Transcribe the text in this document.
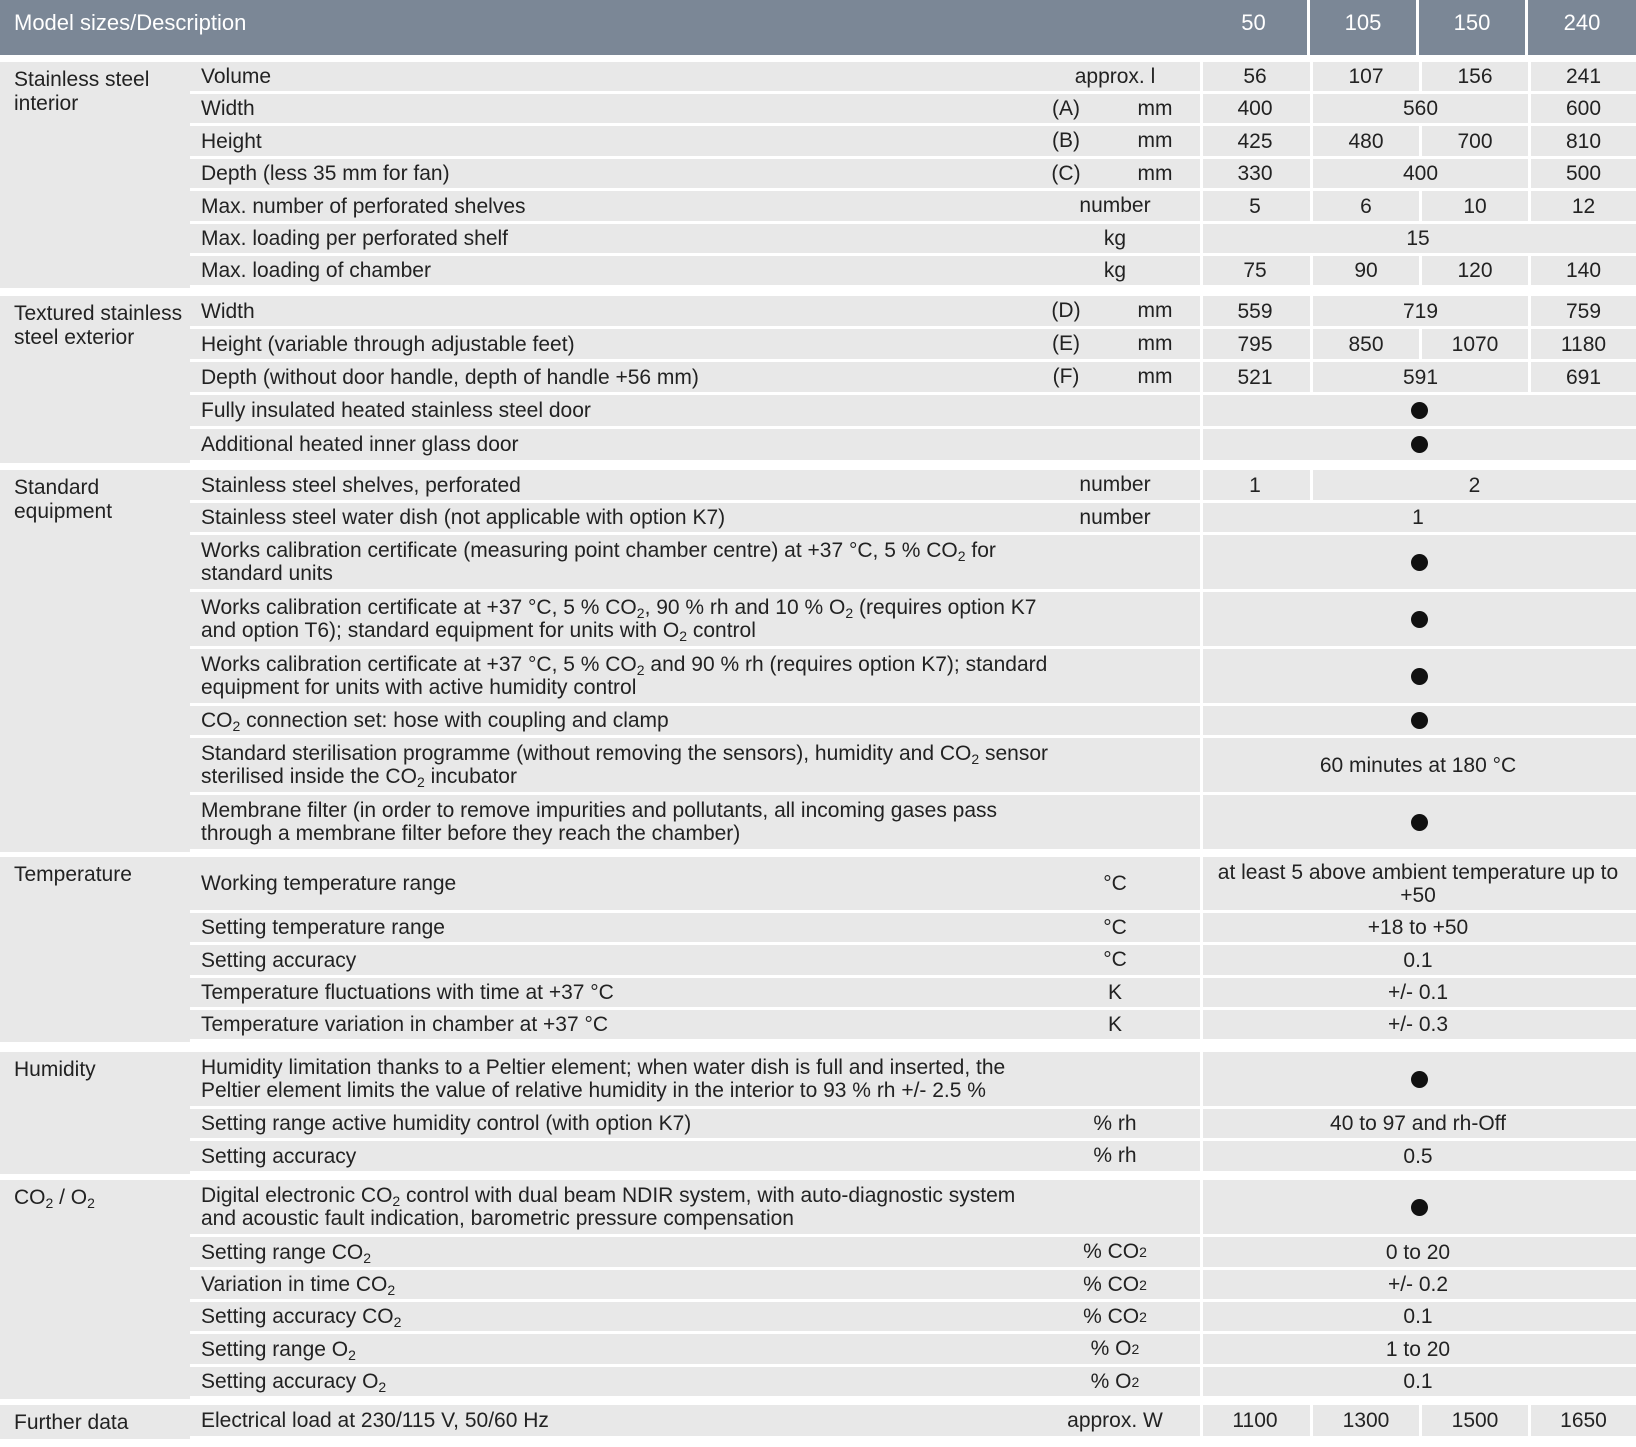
Model sizes/Description	50	105	150	240
Stainless steel
interior
Volume	approx. l	56	107	156	241
Width	(A)	mm	400	560	600
Height	(B)	mm	425	480	700	810
Depth (less 35 mm for fan)	(C)	mm	330	400	500
Max. number of perforated shelves	number	5	6	10	12
Max. loading per perforated shelf	kg	15
Max. loading of chamber	kg	75	90	120	140
Textured stainless
steel exterior
Width	(D)	mm	559	719	759
Height (variable through adjustable feet)	(E)	mm	795	850	1070	1180
Depth (without door handle, depth of handle +56 mm)	(F)	mm	521	591	691
Fully insulated heated stainless steel door
Additional heated inner glass door
Standard
equipment
Stainless steel shelves, perforated	number	1	2
Stainless steel water dish (not applicable with option K7)	number	1
Works calibration certificate (measuring point chamber centre) at +37 °C, 5 % $CO_2$ for standard units
Works calibration certificate at +37 °C, 5 % $CO_2$, 90 % rh and 10 % $O_2$ (requires option K7 and option T6); standard equipment for units with $O_2$ control
Works calibration certificate at +37 °C, 5 % $CO_2$ and 90 % rh (requires option K7); standard equipment for units with active humidity control
$CO_2$ connection set: hose with coupling and clamp
Standard sterilisation programme (without removing the sensors), humidity and $CO_2$ sensor sterilised inside the $CO_2$ incubator	60 minutes at 180 °C
Membrane filter (in order to remove impurities and pollutants, all incoming gases pass through a membrane filter before they reach the chamber)
Temperature	Working temperature range	°C	at least 5 above ambient temperature up to +50
Setting temperature range	°C	+18 to +50
Setting accuracy	°C	0.1
Temperature fluctuations with time at +37 °C	K	+/- 0.1
Temperature variation in chamber at +37 °C	K	+/- 0.3
Humidity	Humidity limitation thanks to a Peltier element; when water dish is full and inserted, the Peltier element limits the value of relative humidity in the interior to 93 % rh +/- 2.5 %
Setting range active humidity control (with option K7)	% rh	40 to 97 and rh-Off
Setting accuracy	% rh	0.5
$CO_2 / O_2$	Digital electronic $CO_2$ control with dual beam NDIR system, with auto-diagnostic system and acoustic fault indication, barometric pressure compensation
Setting range $CO_2$	% CO 2	0 to 20
Variation in time $CO_2$	% CO 2	+/- 0.2
Setting accuracy $CO_2$	% CO 2	0.1
Setting range $O_2$	% O 2	1 to 20
Setting accuracy $O_2$	% O 2	0.1
Further data	Electrical load at 230/115 V, 50/60 Hz	approx. W	1100	1300	1500	1650
